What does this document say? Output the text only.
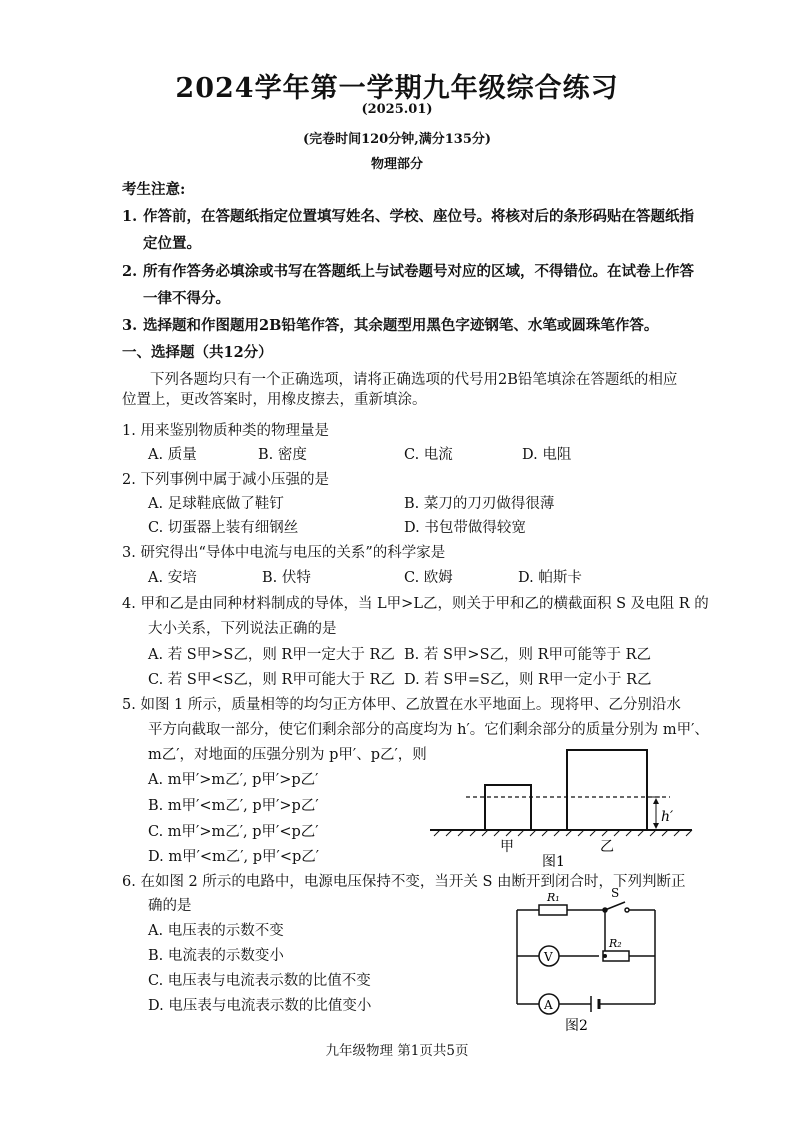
2024学年第一学期九年级综合练习
(2025.01)
(完卷时间120分钟,满分135分)
物理部分
考生注意:
1. 作答前，在答题纸指定位置填写姓名、学校、座位号。将核对后的条形码贴在答题纸指
定位置。
2. 所有作答务必填涂或书写在答题纸上与试卷题号对应的区域，不得错位。在试卷上作答
一律不得分。
3. 选择题和作图题用2B铅笔作答，其余题型用黑色字迹钢笔、水笔或圆珠笔作答。
一、选择题（共12分）
下列各题均只有一个正确选项，请将正确选项的代号用2B铅笔填涂在答题纸的相应
位置上，更改答案时，用橡皮擦去，重新填涂。
1. 用来鉴别物质种类的物理量是
A. 质量	B. 密度	C. 电流	D. 电阻
2. 下列事例中属于减小压强的是
A. 足球鞋底做了鞋钉	B. 菜刀的刀刃做得很薄
C. 切蛋器上装有细钢丝	D. 书包带做得较宽
3. 研究得出“导体中电流与电压的关系”的科学家是
A. 安培	B. 伏特	C. 欧姆	D. 帕斯卡
4. 甲和乙是由同种材料制成的导体，当 L甲>L乙，则关于甲和乙的横截面积 S 及电阻 R 的
大小关系，下列说法正确的是
A. 若 S甲>S乙，则 R甲一定大于 R乙 B. 若 S甲>S乙，则 R甲可能等于 R乙
C. 若 S甲<S乙，则 R甲可能大于 R乙 D. 若 S甲=S乙，则 R甲一定小于 R乙
5. 如图 1 所示，质量相等的均匀正方体甲、乙放置在水平地面上。现将甲、乙分别沿水
平方向截取一部分，使它们剩余部分的高度均为 h′。它们剩余部分的质量分别为 m甲′、
m乙′，对地面的压强分别为 p甲′、p乙′，则
A. m甲′>m乙′, p甲′>p乙′
B. m甲′<m乙′, p甲′>p乙′
C. m甲′>m乙′, p甲′<p乙′
D. m甲′<m乙′, p甲′<p乙′
h′
甲	乙
图1
6. 在如图 2 所示的电路中，电源电压保持不变，当开关 S 由断开到闭合时，下列判断正
确的是
A. 电压表的示数不变
B. 电流表的示数变小
C. 电压表与电流表示数的比值不变
D. 电压表与电流表示数的比值变小
V
A
R₁	S
R₂
图2
九年级物理 第1页共5页
